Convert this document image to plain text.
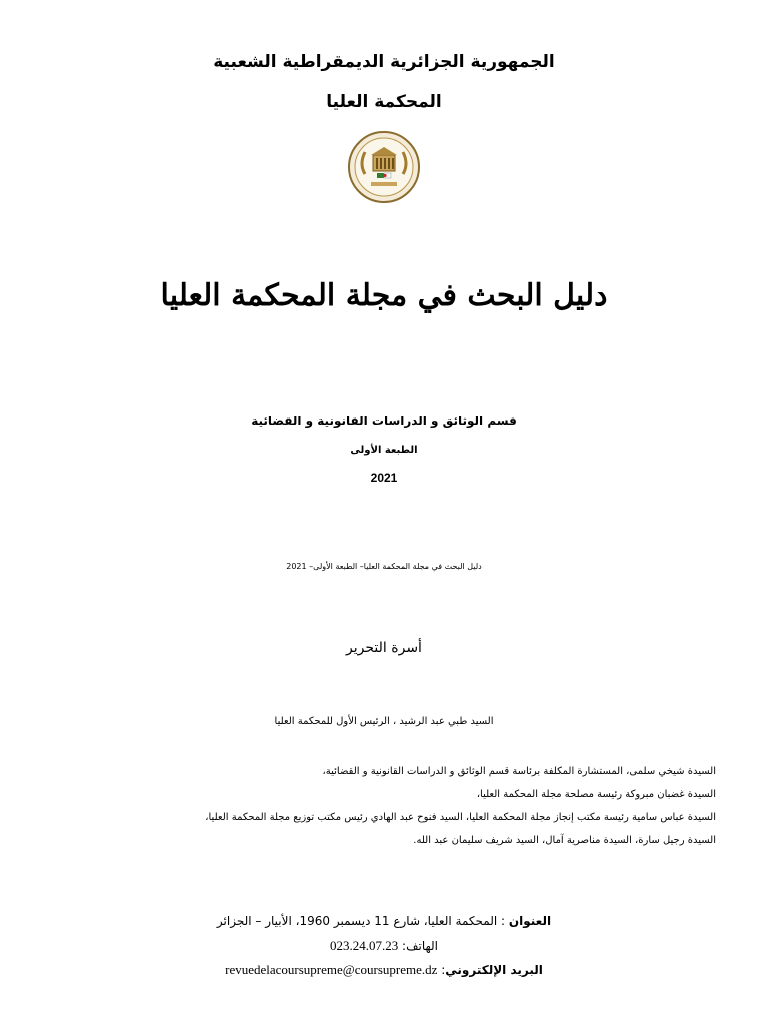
الجمهورية الجزائرية الديمقراطية الشعبية
المحكمة العليا
دليل البحث في مجلة المحكمة العليا
قسم الوثائق و الدراسات القانونية و القضائية
الطبعة الأولى
2021
دليل البحث في مجلة المحكمة العليا– الطبعة الأولى– 2021
أسرة التحرير
السيد طبي عبد الرشيد ، الرئيس الأول للمحكمة العليا
السيدة شيخي سلمى، المستشارة المكلفة برئاسة قسم الوثائق و الدراسات القانونية و القضائية،
السيدة غضبان مبروكة رئيسة مصلحة مجلة المحكمة العليا،
السيدة عباس سامية رئيسة مكتب إنجاز مجلة المحكمة العليا، السيد فنوح عبد الهادي رئيس مكتب توزيع مجلة المحكمة العليا،
السيدة رجيل سارة، السيدة مناصرية آمال، السيد شريف سليمان عبد الله.
العنوان : المحكمة العليا، شارع 11 ديسمبر 1960، الأبيار – الجزائر
الهاتف: 023.24.07.23
البريد الإلكتروني: revuedelacoursupreme@coursupreme.dz
